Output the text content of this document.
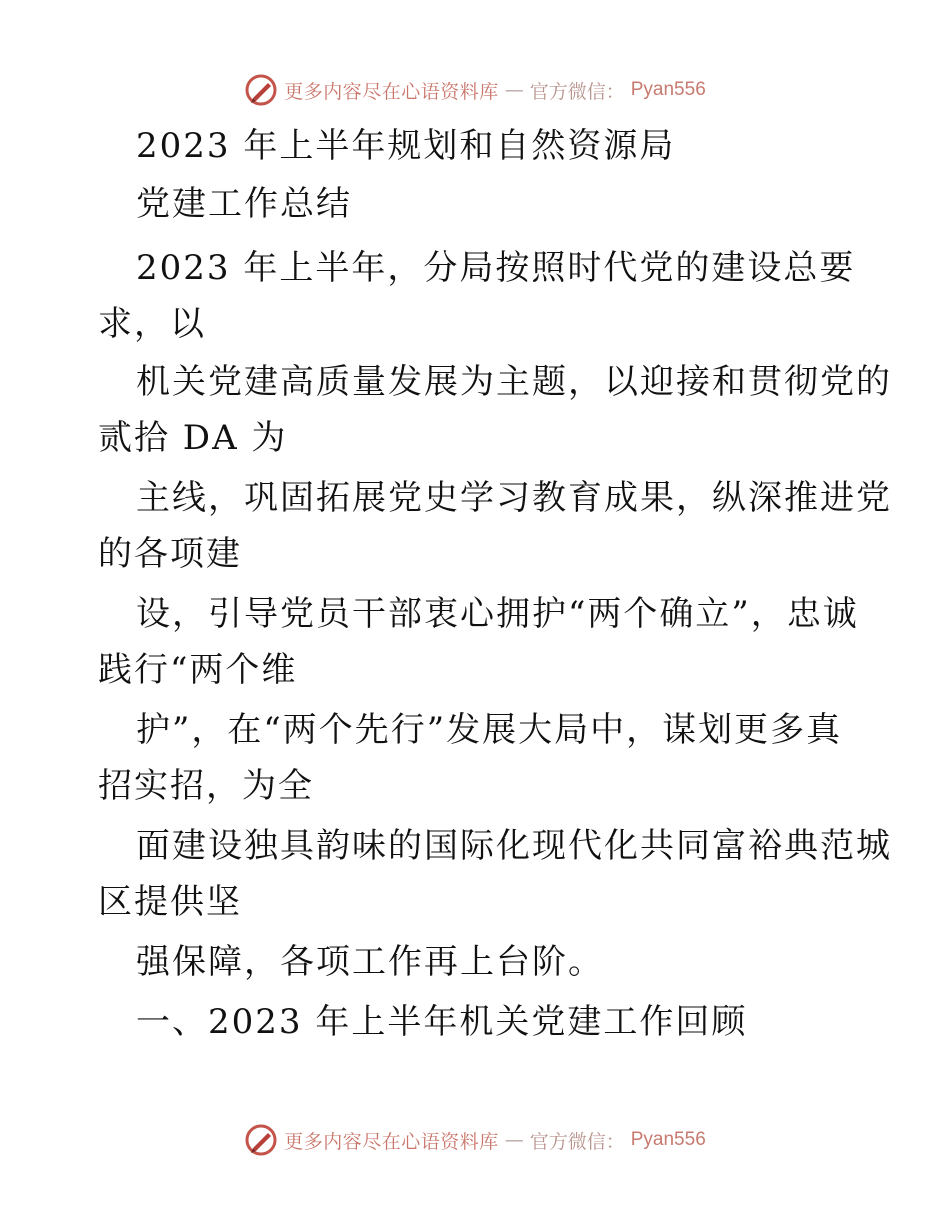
更多内容尽在心语资料库 — 官方微信： Pyan556
2023 年上半年规划和自然资源局
党建工作总结
2023 年上半年，分局按照时代党的建设总要
求，以
机关党建高质量发展为主题，以迎接和贯彻党的
贰拾 DA 为
主线，巩固拓展党史学习教育成果，纵深推进党
的各项建
设，引导党员干部衷心拥护“两个确立”，忠诚
践行“两个维
护”，在“两个先行”发展大局中，谋划更多真
招实招，为全
面建设独具韵味的国际化现代化共同富裕典范城
区提供坚
强保障，各项工作再上台阶。
一、2023 年上半年机关党建工作回顾
更多内容尽在心语资料库 — 官方微信： Pyan556
